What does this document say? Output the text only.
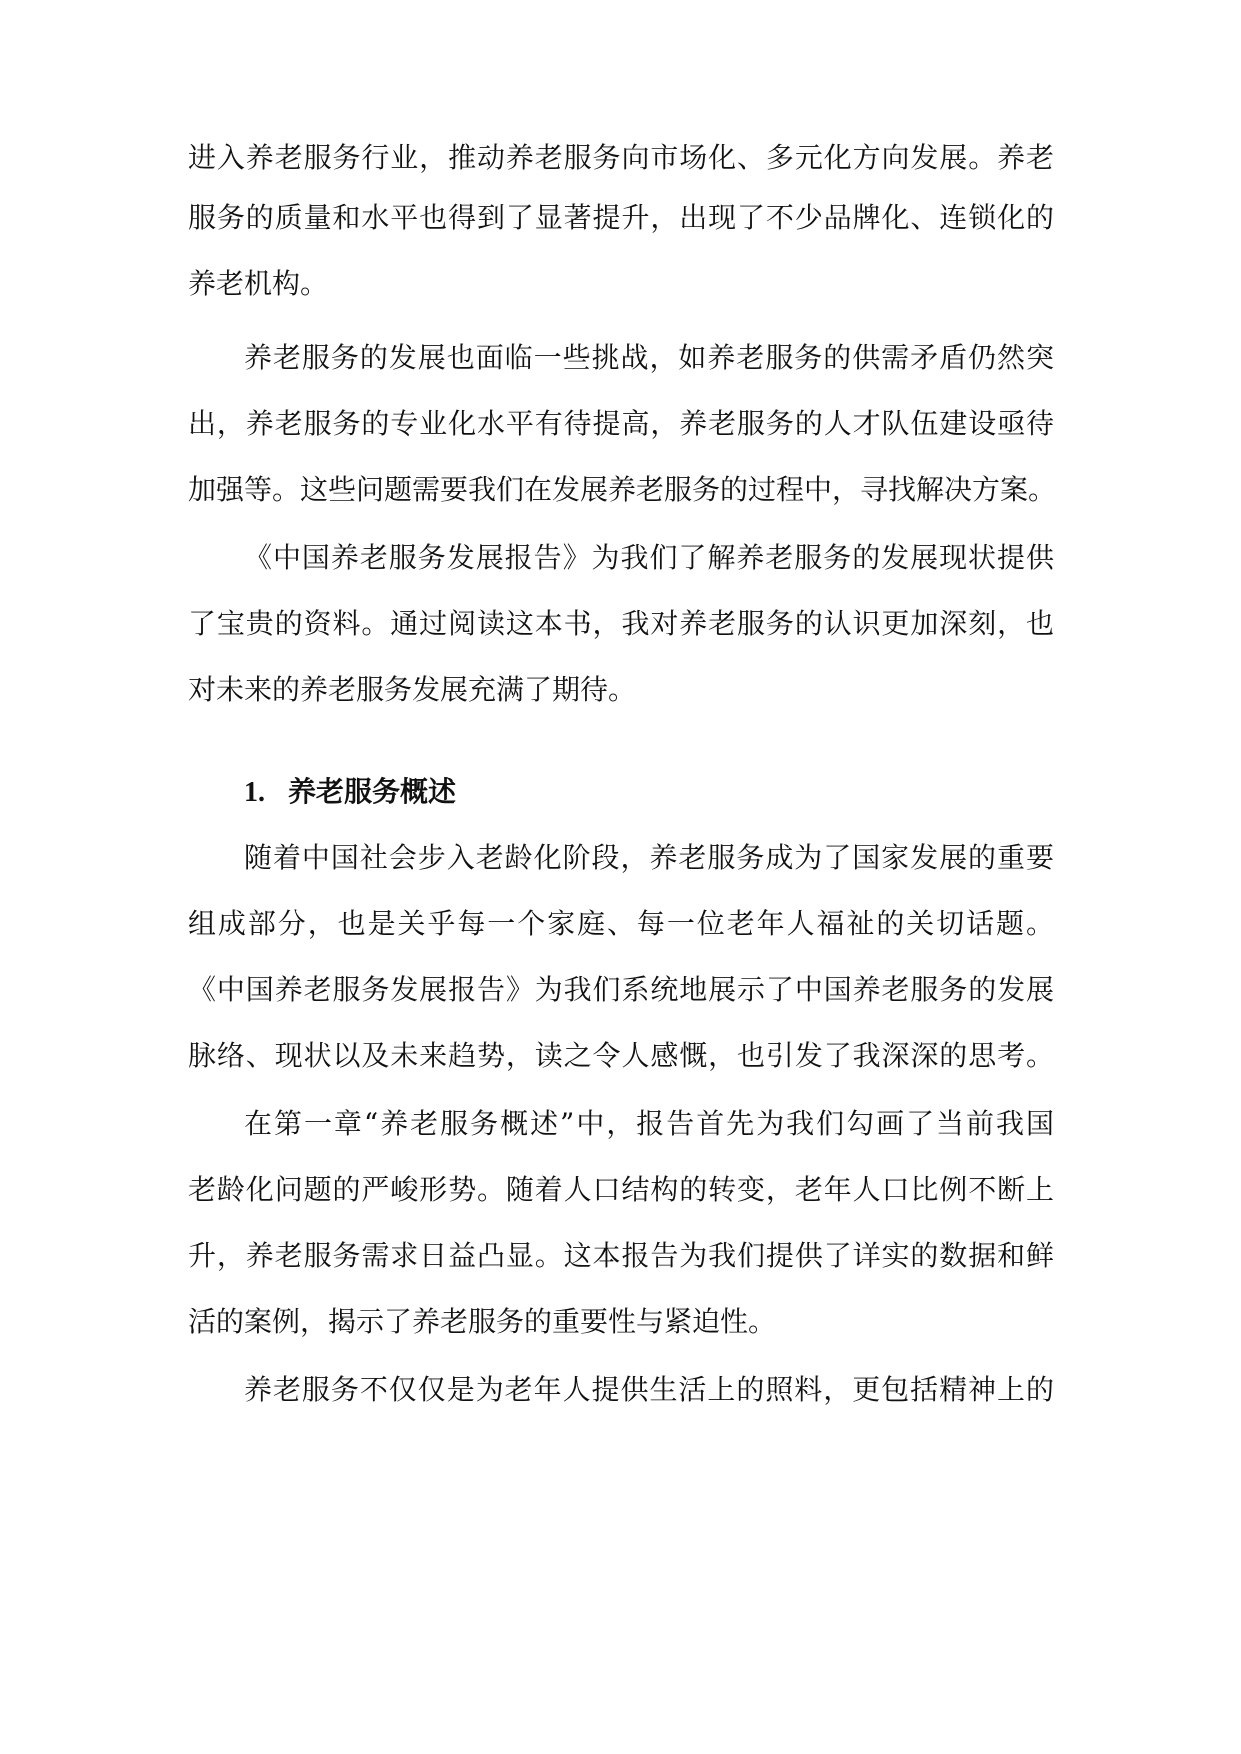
进入养老服务行业，推动养老服务向市场化、多元化方向发展。养老
服务的质量和水平也得到了显著提升，出现了不少品牌化、连锁化的
养老机构。
养老服务的发展也面临一些挑战，如养老服务的供需矛盾仍然突
出，养老服务的专业化水平有待提高，养老服务的人才队伍建设亟待
加强等。这些问题需要我们在发展养老服务的过程中，寻找解决方案。
《中国养老服务发展报告》为我们了解养老服务的发展现状提供
了宝贵的资料。通过阅读这本书，我对养老服务的认识更加深刻，也
对未来的养老服务发展充满了期待。
1. 养老服务概述
随着中国社会步入老龄化阶段，养老服务成为了国家发展的重要
组成部分，也是关乎每一个家庭、每一位老年人福祉的关切话题。
《中国养老服务发展报告》为我们系统地展示了中国养老服务的发展
脉络、现状以及未来趋势，读之令人感慨，也引发了我深深的思考。
在第一章“养老服务概述”中，报告首先为我们勾画了当前我国
老龄化问题的严峻形势。随着人口结构的转变，老年人口比例不断上
升，养老服务需求日益凸显。这本报告为我们提供了详实的数据和鲜
活的案例，揭示了养老服务的重要性与紧迫性。
养老服务不仅仅是为老年人提供生活上的照料，更包括精神上的
